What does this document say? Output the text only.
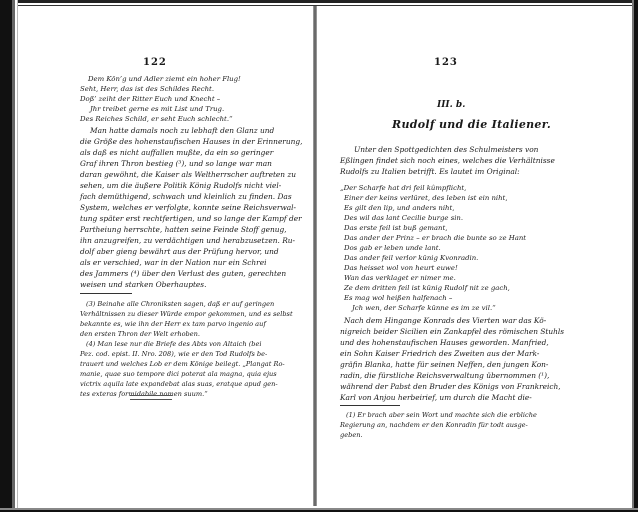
122
Dem Kön’g und Adler ziemt ein hoher Flug!
Seht, Herr, das ist des Schildes Recht.
Doß’ zeiht der Ritter Euch und Knecht –
Jhr treibet gerne es mit List und Trug.
Des Reiches Schild, er seht Euch schlecht.“
Man hatte damals noch zu lebhaft den Glanz und
die Größe des hohenstaufischen Hauses in der Erinnerung,
als daß es nicht auffallen mußte, da ein so geringer
Graf ihren Thron bestieg (³), und so lange war man
daran gewöhnt, die Kaiser als Weltherrscher auftreten zu
sehen, um die äußere Politik König Rudolfs nicht viel-
fach demüthigend, schwach und kleinlich zu finden. Das
System, welches er verfolgte, konnte seine Reichsverwal-
tung später erst rechtfertigen, und so lange der Kampf der
Partheiung herrschte, hatten seine Feinde Stoff genug,
ihn anzugreifen, zu verdächtigen und herabzusetzen. Ru-
dolf aber gieng bewährt aus der Prüfung hervor, und
als er verschied, war in der Nation nur ein Schrei
des Jammers (⁴) über den Verlust des guten, gerechten
weisen und starken Oberhauptes.
(3) Beinahe alle Chroniksten sagen, daß er auf geringen
Verhältnissen zu dieser Würde empor gekommen, und es selbst
bekannte es, wie ihn der Herr ex tam parvo ingenio auf
den ersten Thron der Welt erhoben.
(4) Man lese nur die Briefe des Abts von Altaich (bei
Pez. cod. epist. II. Nro. 208), wie er den Tod Rudolfs be-
trauert und welches Lob er dem Könige beilegt. „Plangat Ro-
manie, quae suo tempore dici poterat ala magna, quia ejus
victrix aquila late expandebat alas suas, eratque apud gen-
tes exteras formidabile nomen suum.“
123
III. b.
Rudolf und die Italiener.
Unter den Spottgedichten des Schulmeisters von
Eßlingen findet sich noch eines, welches die Verhältnisse
Rudolfs zu Italien betrifft. Es lautet im Original:
„Der Scharfe hat dri feil kûmpflicht,
Einer der keins verlüret, des leben ist ein niht,
Es gilt den lip, und anders niht,
Des wil das lant Cecilie burge sin.
Das erste feil ist buß gemant,
Das ander der Prinz – er brach die bunte so ze Hant
Dos gab er leben unde lant.
Das ander feil verlor künig Kvonradin.
Das heisset wol von heurt euwe!
Wan das verklaget er nimer me.
Ze dem dritten feil ist künig Rudolf nit ze gach,
Es mag wol heißen halfenach –
Jch wen, der Scharfe künne es im ze vil.“
Nach dem Hingange Konrads des Vierten war das Kö-
nigreich beider Sicilien ein Zankapfel des römischen Stuhls
und des hohenstaufischen Hauses geworden. Manfried,
ein Sohn Kaiser Friedrich des Zweiten aus der Mark-
gräfin Blanka, hatte für seinen Neffen, den jungen Kon-
radin, die fürstliche Reichsverwaltung übernommen (¹),
während der Pabst den Bruder des Königs von Frankreich,
Karl von Anjou herbeirief, um durch die Macht die-
(1) Er brach aber sein Wort und machte sich die erbliche
Regierung an, nachdem er den Konradin für todt ausge-
geben.
